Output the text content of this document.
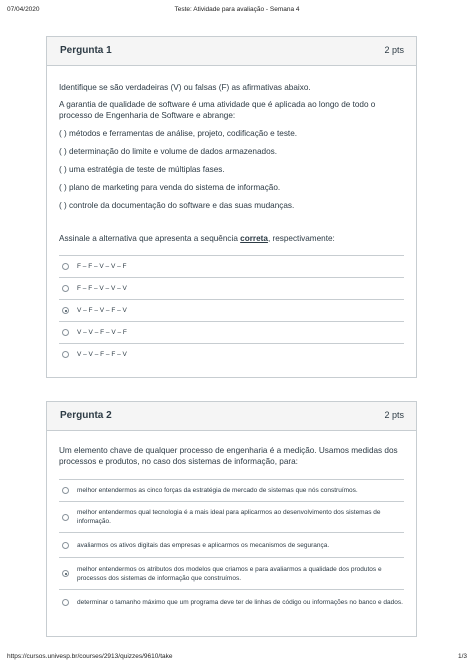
07/04/2020	Teste: Atividade para avaliação - Semana 4
Pergunta 1	2 pts

Identifique se são verdadeiras (V) ou falsas (F) as afirmativas abaixo.

A garantia de qualidade de software é uma atividade que é aplicada ao longo de todo o processo de Engenharia de Software e abrange:

( ) métodos e ferramentas de análise, projeto, codificação e teste.

( ) determinação do limite e volume de dados armazenados.

( ) uma estratégia de teste de múltiplas fases.

( ) plano de marketing para venda do sistema de informação.

( ) controle da documentação do software e das suas mudanças.

Assinale a alternativa que apresenta a sequência correta, respectivamente:

F – F – V – V – F
F – F – V – V – V
V – F – V – F – V
V – V – F – V – F
V – V – F – F – V
Pergunta 2	2 pts

Um elemento chave de qualquer processo de engenharia é a medição. Usamos medidas dos processos e produtos, no caso dos sistemas de informação, para:

melhor entendermos as cinco forças da estratégia de mercado de sistemas que nós construímos.
melhor entendermos qual tecnologia é a mais ideal para aplicarmos ao desenvolvimento dos sistemas de informação.
avaliarmos os ativos digitais das empresas e aplicarmos os mecanismos de segurança.
melhor entendermos os atributos dos modelos que criamos e para avaliarmos a qualidade dos produtos e processos dos sistemas de informação que construímos.
determinar o tamanho máximo que um programa deve ter de linhas de código ou informações no banco e dados.
https://cursos.univesp.br/courses/2913/quizzes/9610/take	1/3
